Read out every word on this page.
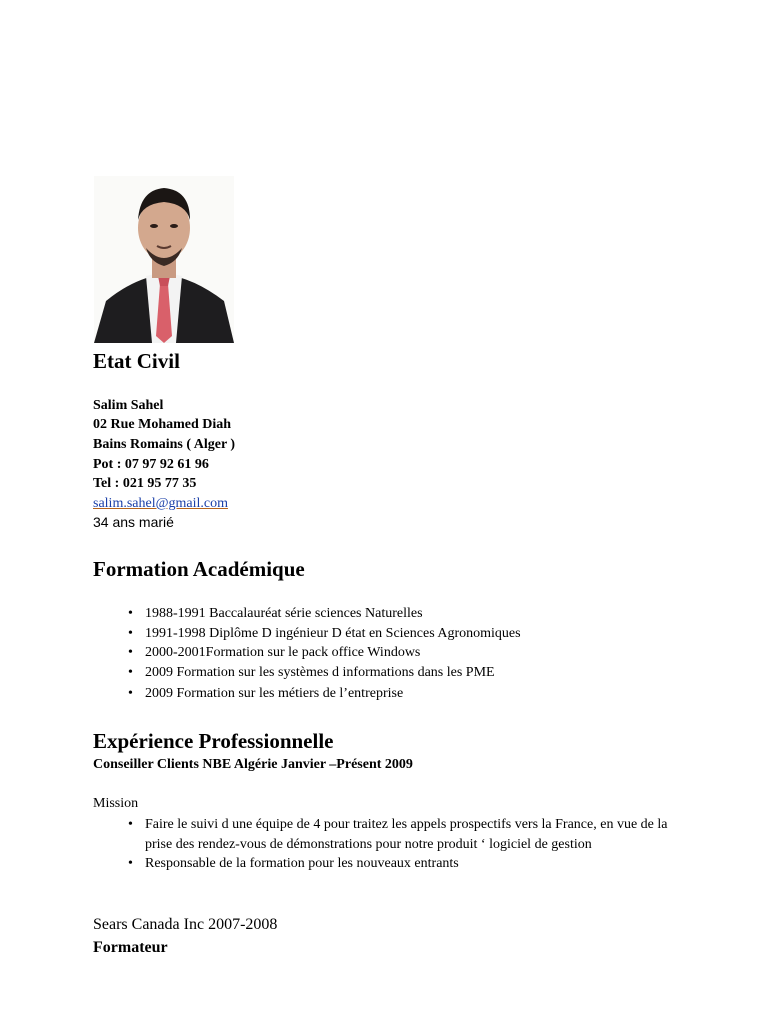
Etat Civil
Salim Sahel
02 Rue Mohamed Diah
Bains Romains ( Alger )
Pot : 07 97 92 61 96
Tel : 021 95 77 35
salim.sahel@gmail.com
34 ans marié
Formation Académique
• 1988-1991 Baccalauréat série sciences Naturelles
• 1991-1998 Diplôme D ingénieur D état en Sciences Agronomiques
• 2000-2001Formation sur le pack office Windows
• 2009 Formation sur les systèmes d informations dans les PME
• 2009 Formation sur les métiers de l’entreprise
Expérience Professionnelle
Conseiller Clients NBE Algérie Janvier –Présent 2009
Mission
• Faire le suivi d une équipe de 4 pour traitez les appels prospectifs vers la France, en vue de la prise des rendez-vous de démonstrations pour notre produit ‘ logiciel de gestion
• Responsable de la formation pour les nouveaux entrants
Sears Canada Inc 2007-2008
Formateur
